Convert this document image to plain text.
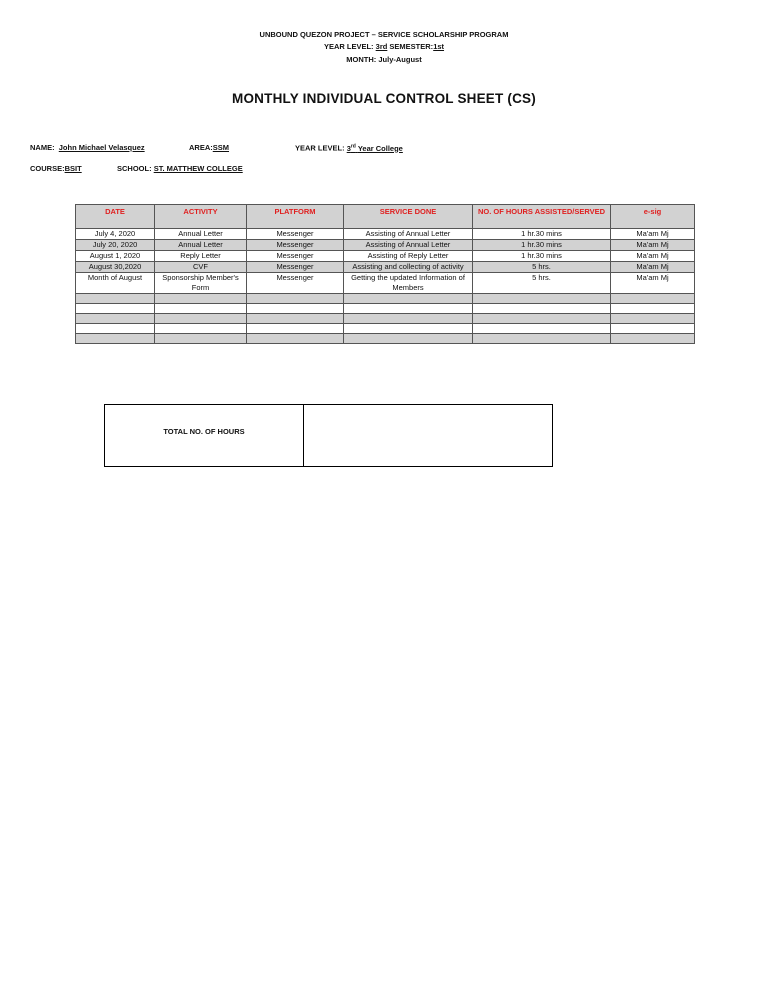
UNBOUND QUEZON PROJECT – SERVICE SCHOLARSHIP PROGRAM
YEAR LEVEL: 3rd SEMESTER:1st
MONTH: July-August
MONTHLY INDIVIDUAL CONTROL SHEET (CS)
NAME: John Michael Velasquez	AREA:SSM	YEAR LEVEL: 3rd Year College
COURSE:BSIT	SCHOOL: ST. MATTHEW COLLEGE
DATE	ACTIVITY	PLATFORM	SERVICE DONE	NO. OF HOURS ASSISTED/SERVED	e-sig
July 4, 2020	Annual Letter	Messenger	Assisting of Annual Letter	1 hr.30 mins	Ma'am Mj
July 20, 2020	Annual Letter	Messenger	Assisting of Annual Letter	1 hr.30 mins	Ma'am Mj
August 1, 2020	Reply Letter	Messenger	Assisting of Reply Letter	1 hr.30 mins	Ma'am Mj
August 30,2020	CVF	Messenger	Assisting and collecting of activity	5 hrs.	Ma'am Mj
Month of August	Sponsorship Member's Form	Messenger	Getting the updated Information of Members	5 hrs.	Ma'am Mj

TOTAL NO. OF HOURS
